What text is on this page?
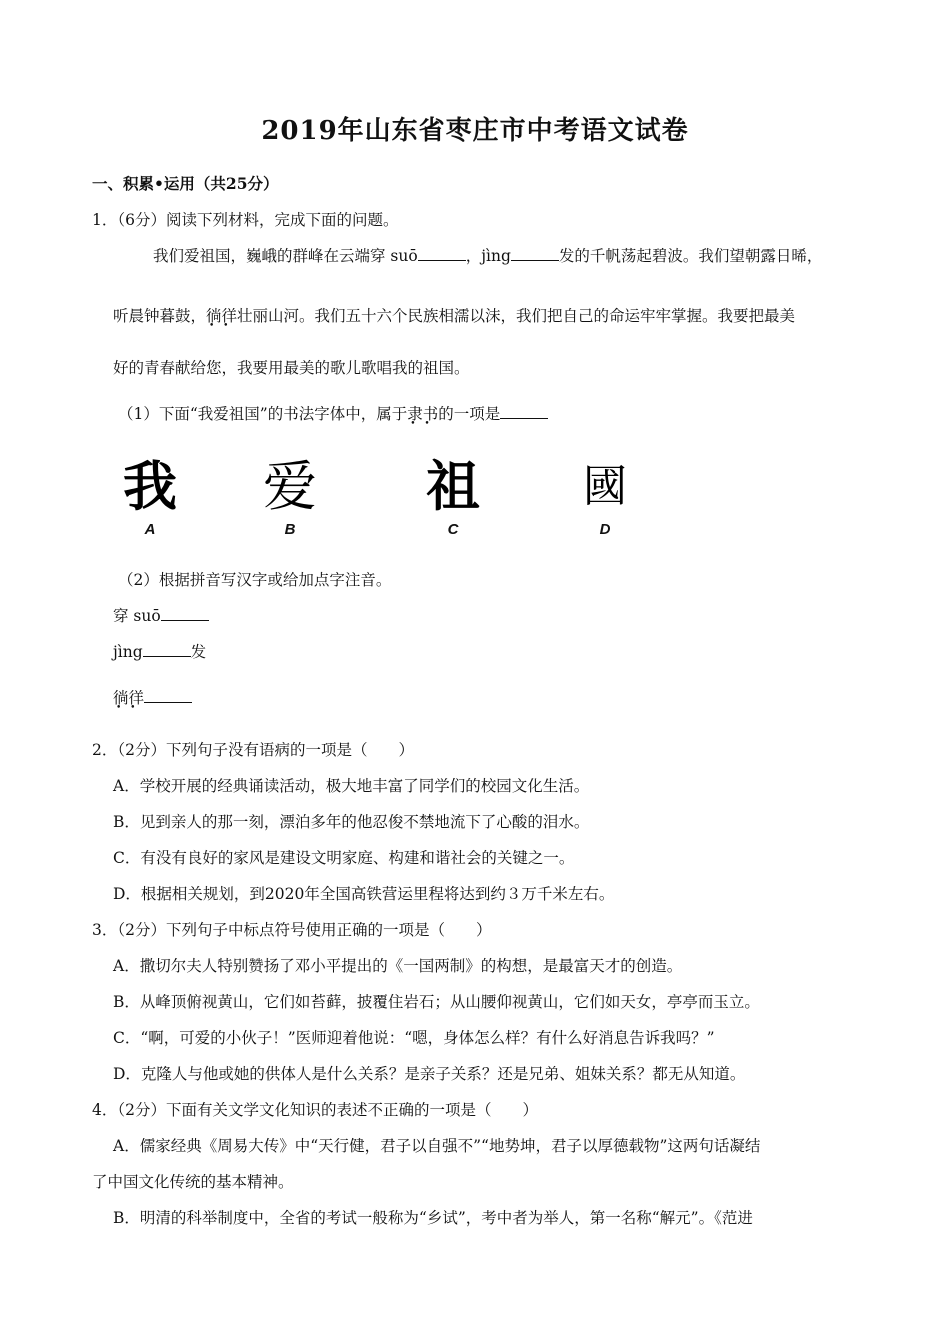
2019年山东省枣庄市中考语文试卷
一、积累•运用（共25分）
1．（6分）阅读下列材料，完成下面的问题。
我们爱祖国，巍峨的群峰在云端穿 suō	，jìng	发的千帆荡起碧波。我们望朝露日晞，
听晨钟暮鼓，徜徉 • •壮丽山河。我们五十六个民族相濡以沫，我们把自己的命运牢牢掌握。我要把最美
好的青春献给您，我要用最美的歌儿歌唱我的祖国。
（1）下面“我爱祖国”的书法字体中，属于隶书 • •的一项是
我
A
爱
B
祖
C
國
D
（2）根据拼音写汉字或给加点字注音。
穿 suō
jìng	发
徜徉 • •
2．（2分）下列句子没有语病的一项是（　　）
A．学校开展的经典诵读活动，极大地丰富了同学们的校园文化生活。
B．见到亲人的那一刻，漂泊多年的他忍俊不禁地流下了心酸的泪水。
C．有没有良好的家风是建设文明家庭、构建和谐社会的关键之一。
D．根据相关规划，到2020年全国高铁营运里程将达到约３万千米左右。
3．（2分）下列句子中标点符号使用正确的一项是（　　）
A．撒切尔夫人特别赞扬了邓小平提出的《一国两制》的构想，是最富天才的创造。
B．从峰顶俯视黄山，它们如苔藓，披覆住岩石；从山腰仰视黄山，它们如天女，亭亭而玉立。
C．“啊，可爱的小伙子！”医师迎着他说：“嗯，身体怎么样？有什么好消息告诉我吗？”
D．克隆人与他或她的供体人是什么关系？是亲子关系？还是兄弟、姐妹关系？都无从知道。
4．（2分）下面有关文学文化知识的表述不正确的一项是（　　）
A．儒家经典《周易大传》中“天行健，君子以自强不”“地势坤，君子以厚德载物”这两句话凝结
了中国文化传统的基本精神。
B．明清的科举制度中，全省的考试一般称为“乡试”，考中者为举人，第一名称“解元”。《范进
